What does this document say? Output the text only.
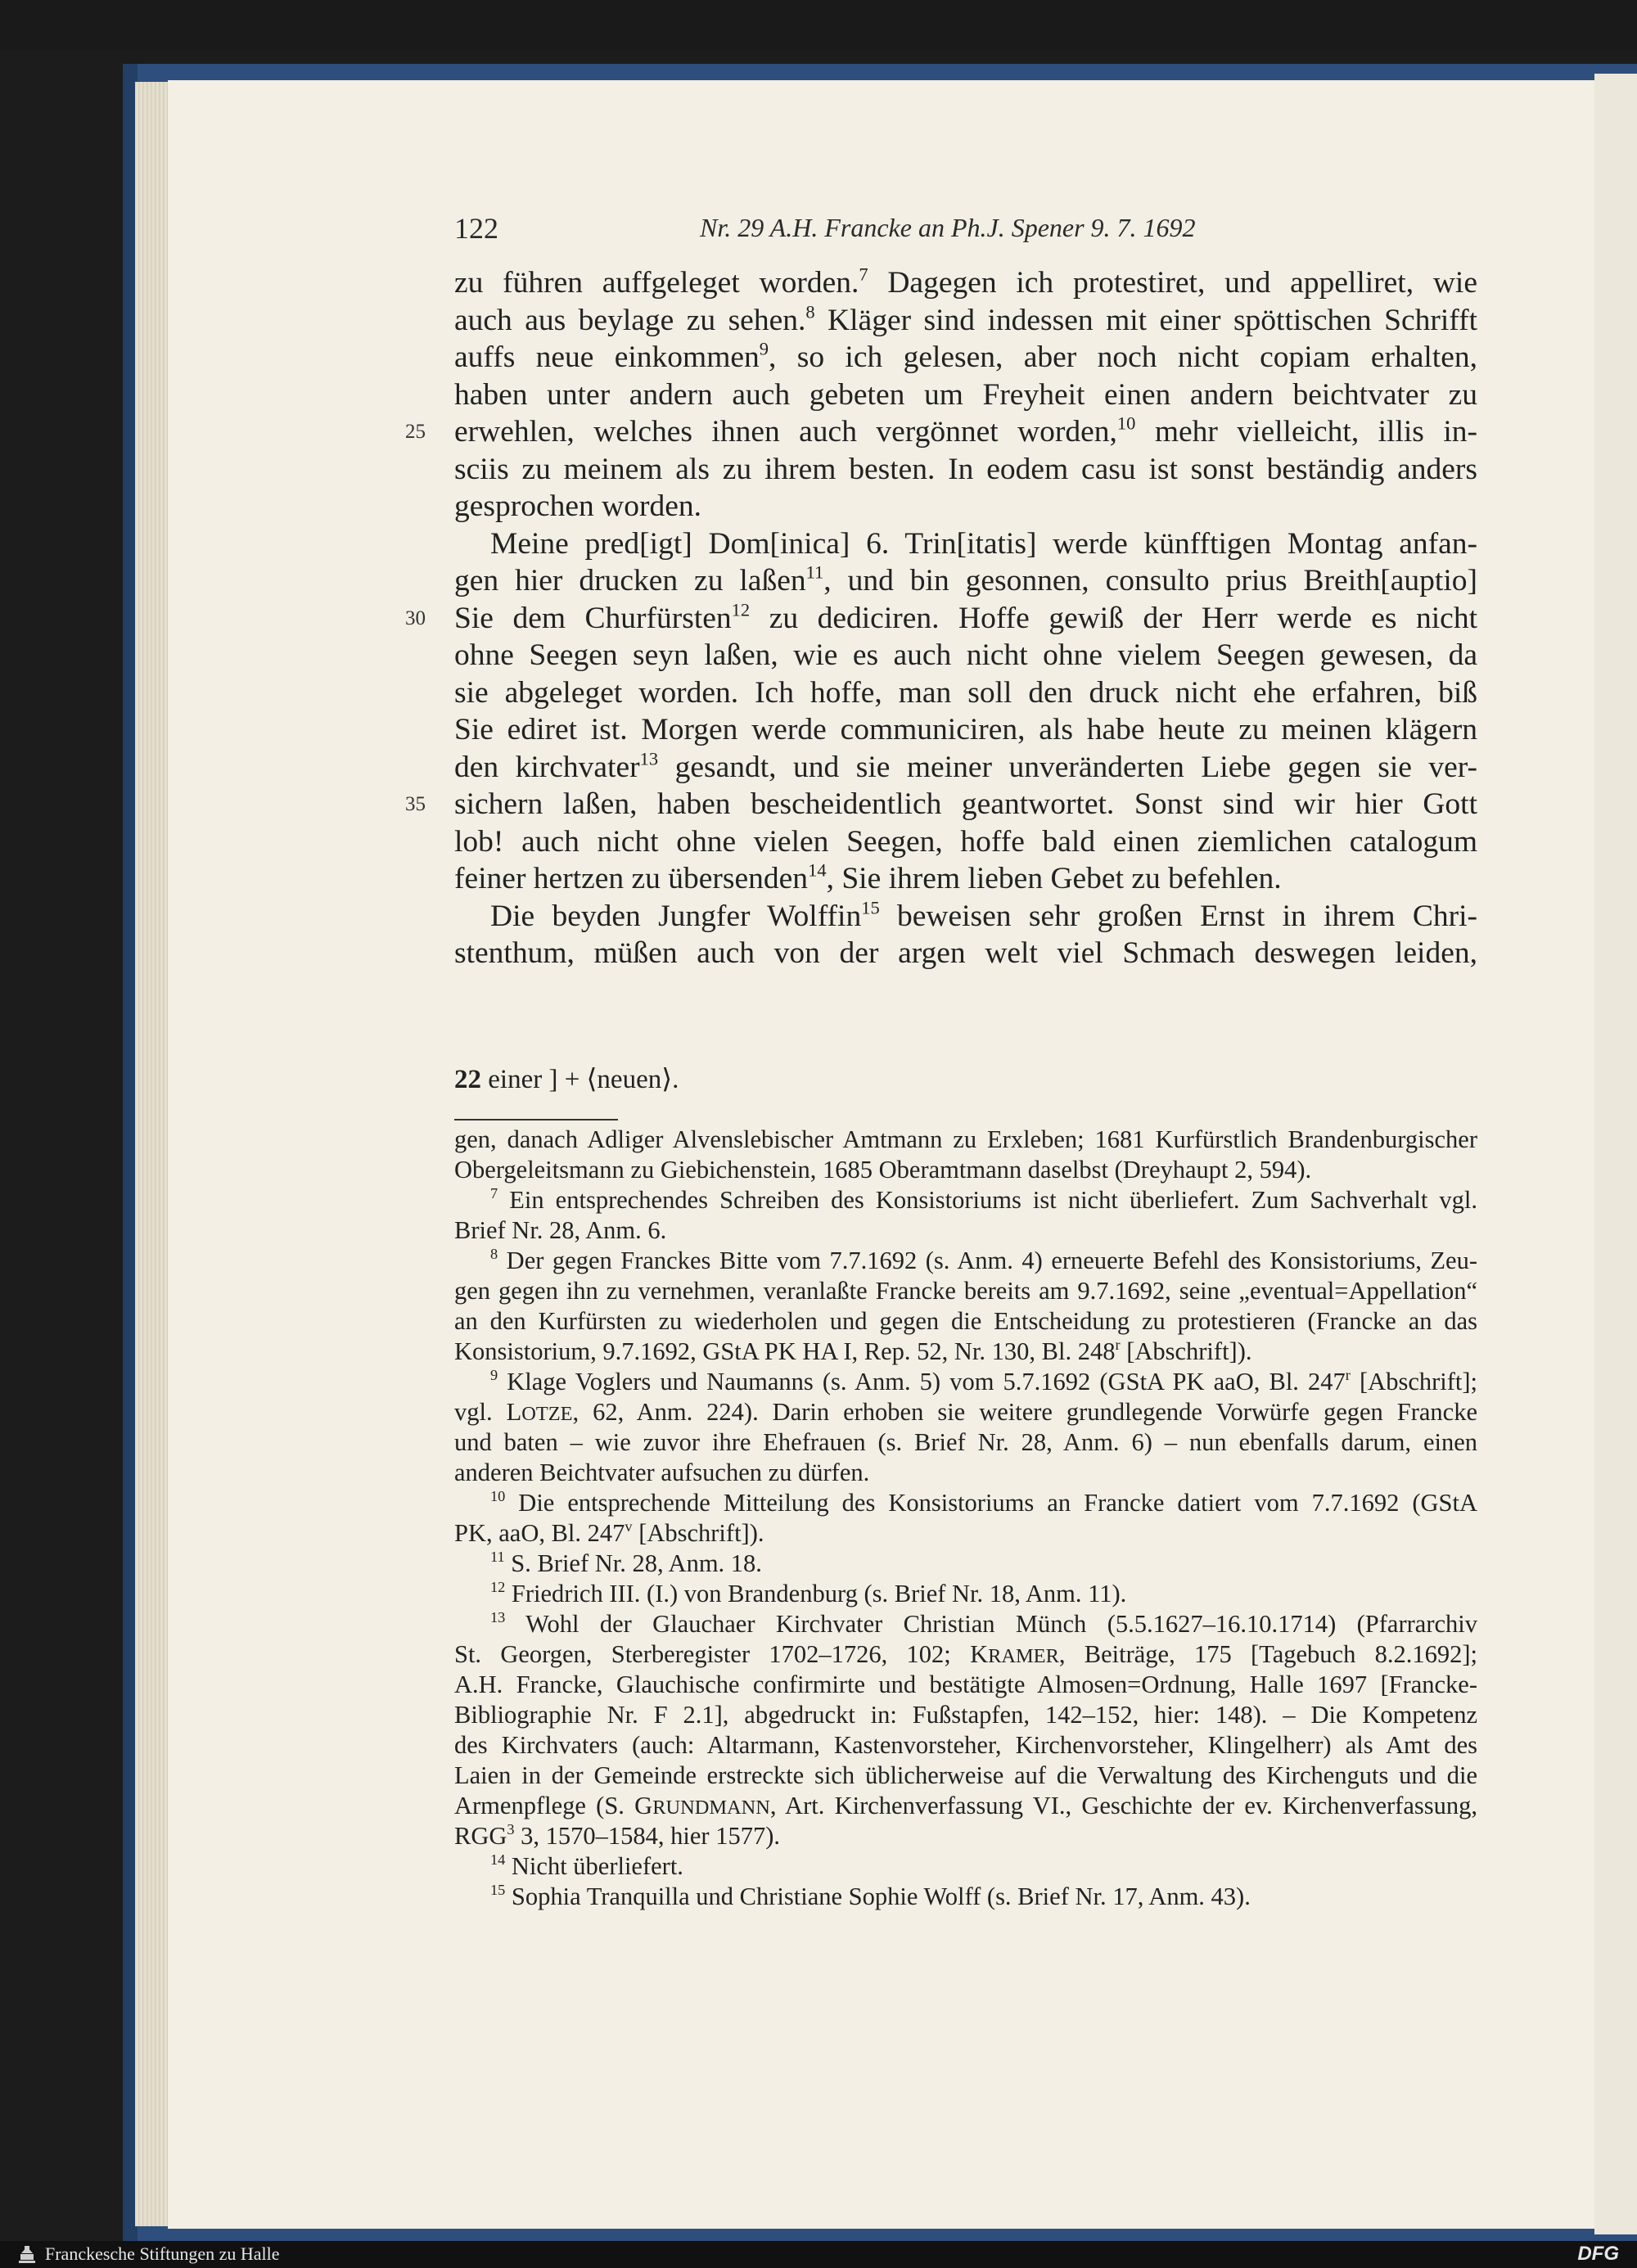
122	Nr. 29 A.H. Francke an Ph.J. Spener 9. 7. 1692
zu führen auffgeleget worden.$^7$ Dagegen ich protestiret, und appelliret, wie
auch aus beylage zu sehen.$^8$ Kläger sind indessen mit einer spöttischen Schrifft
auffs neue einkommen$^9$, so ich gelesen, aber noch nicht copiam erhalten,
haben unter andern auch gebeten um Freyheit einen andern beichtvater zu
25 erwehlen, welches ihnen auch vergönnet worden,$^{10}$ mehr vielleicht, illis in-
sciis zu meinem als zu ihrem besten. In eodem casu ist sonst beständig anders
gesprochen worden.
Meine pred[igt] Dom[inica] 6. Trin[itatis] werde künfftigen Montag anfan-
gen hier drucken zu laßen$^{11}$, und bin gesonnen, consulto prius Breith[auptio]
30 Sie dem Churfürsten$^{12}$ zu dediciren. Hoffe gewiß der Herr werde es nicht
ohne Seegen seyn laßen, wie es auch nicht ohne vielem Seegen gewesen, da
sie abgeleget worden. Ich hoffe, man soll den druck nicht ehe erfahren, biß
Sie ediret ist. Morgen werde communiciren, als habe heute zu meinen klägern
den kirchvater$^{13}$ gesandt, und sie meiner unveränderten Liebe gegen sie ver-
35 sichern laßen, haben bescheidentlich geantwortet. Sonst sind wir hier Gott
lob! auch nicht ohne vielen Seegen, hoffe bald einen ziemlichen catalogum
feiner hertzen zu übersenden$^{14}$, Sie ihrem lieben Gebet zu befehlen.
Die beyden Jungfer Wolffin$^{15}$ beweisen sehr großen Ernst in ihrem Chri-
stenthum, müßen auch von der argen welt viel Schmach deswegen leiden,
22 einer ] + ⟨neuen⟩.
gen, danach Adliger Alvenslebischer Amtmann zu Erxleben; 1681 Kurfürstlich Brandenburgischer
Obergeleitsmann zu Giebichenstein, 1685 Oberamtmann daselbst (Dreyhaupt 2, 594).
$^7$ Ein entsprechendes Schreiben des Konsistoriums ist nicht überliefert. Zum Sachverhalt vgl.
Brief Nr. 28, Anm. 6.
$^8$ Der gegen Franckes Bitte vom 7.7.1692 (s. Anm. 4) erneuerte Befehl des Konsistoriums, Zeu-
gen gegen ihn zu vernehmen, veranlaßte Francke bereits am 9.7.1692, seine „eventual=Appellation“
an den Kurfürsten zu wiederholen und gegen die Entscheidung zu protestieren (Francke an das
Konsistorium, 9.7.1692, GStA PK HA I, Rep. 52, Nr. 130, Bl. 248$^r$ [Abschrift]).
$^9$ Klage Voglers und Naumanns (s. Anm. 5) vom 5.7.1692 (GStA PK aaO, Bl. 247$^r$ [Abschrift];
vgl. LOTZE, 62, Anm. 224). Darin erhoben sie weitere grundlegende Vorwürfe gegen Francke
und baten – wie zuvor ihre Ehefrauen (s. Brief Nr. 28, Anm. 6) – nun ebenfalls darum, einen
anderen Beichtvater aufsuchen zu dürfen.
$^{10}$ Die entsprechende Mitteilung des Konsistoriums an Francke datiert vom 7.7.1692 (GStA
PK, aaO, Bl. 247$^v$ [Abschrift]).
$^{11}$ S. Brief Nr. 28, Anm. 18.
$^{12}$ Friedrich III. (I.) von Brandenburg (s. Brief Nr. 18, Anm. 11).
$^{13}$ Wohl der Glauchaer Kirchvater Christian Münch (5.5.1627–16.10.1714) (Pfarrarchiv
St. Georgen, Sterberegister 1702–1726, 102; KRAMER, Beiträge, 175 [Tagebuch 8.2.1692];
A.H. Francke, Glauchische confirmirte und bestätigte Almosen=Ordnung, Halle 1697 [Francke-
Bibliographie Nr. F 2.1], abgedruckt in: Fußstapfen, 142–152, hier: 148). – Die Kompetenz
des Kirchvaters (auch: Altarmann, Kastenvorsteher, Kirchenvorsteher, Klingelherr) als Amt des
Laien in der Gemeinde erstreckte sich üblicherweise auf die Verwaltung des Kirchenguts und die
Armenpflege (S. GRUNDMANN, Art. Kirchenverfassung VI., Geschichte der ev. Kirchenverfassung,
RGG$^3$ 3, 1570–1584, hier 1577).
$^{14}$ Nicht überliefert.
$^{15}$ Sophia Tranquilla und Christiane Sophie Wolff (s. Brief Nr. 17, Anm. 43).
Franckesche Stiftungen zu Halle	DFG
